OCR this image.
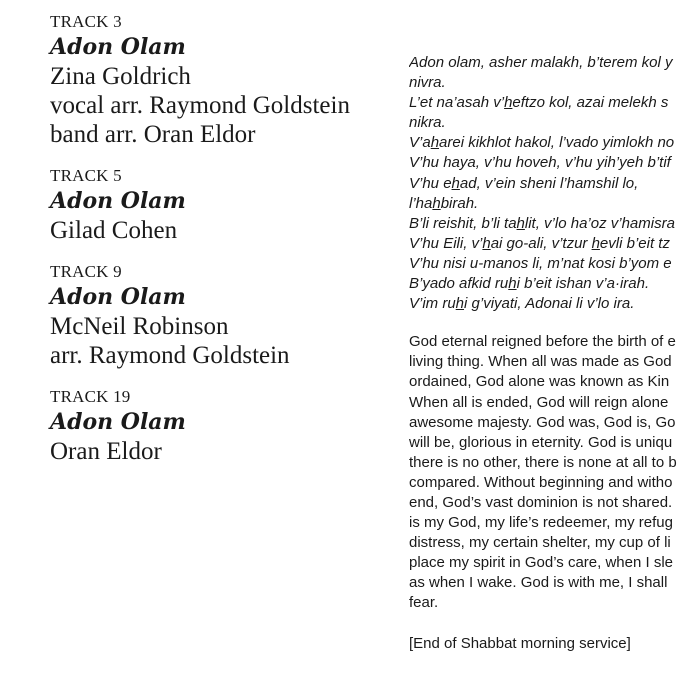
TRACK 3
Adon Olam
Zina Goldrich
vocal arr. Raymond Goldstein
band arr. Oran Eldor
TRACK 5
Adon Olam
Gilad Cohen
TRACK 9
Adon Olam
McNeil Robinson
arr. Raymond Goldstein
TRACK 19
Adon Olam
Oran Eldor
Adon olam, asher malakh, b’terem kol y
nivra.
L’et na’asah v’heftzo kol, azai melekh s
nikra.
V’aharei kikhlot hakol, l’vado yimlokh no
V’hu haya, v’hu hoveh, v’hu yih’yeh b’tif
V’hu ehad, v’ein sheni l’hamshil lo,
l’hahbirah.
B’li reishit, b’li tahlit, v’lo ha’oz v’hamisra
V’hu Eili, v’hai go-ali, v’tzur hevli b’eit tz
V’hu nisi u-manos li, m’nat kosi b’yom e
B’yado afkid ruhi b’eit ishan v’a·irah.
V’im ruhi g’viyati, Adonai li v’lo ira.
God eternal reigned before the birth of e
living thing. When all was made as God
ordained, God alone was known as Kin
When all is ended, God will reign alone
awesome majesty. God was, God is, Go
will be, glorious in eternity. God is uniqu
there is no other, there is none at all to b
compared. Without beginning and witho
end, God’s vast dominion is not shared.
is my God, my life’s redeemer, my refug
distress, my certain shelter, my cup of li
place my spirit in God’s care, when I sle
as when I wake. God is with me, I shall
fear.
[End of Shabbat morning service]
